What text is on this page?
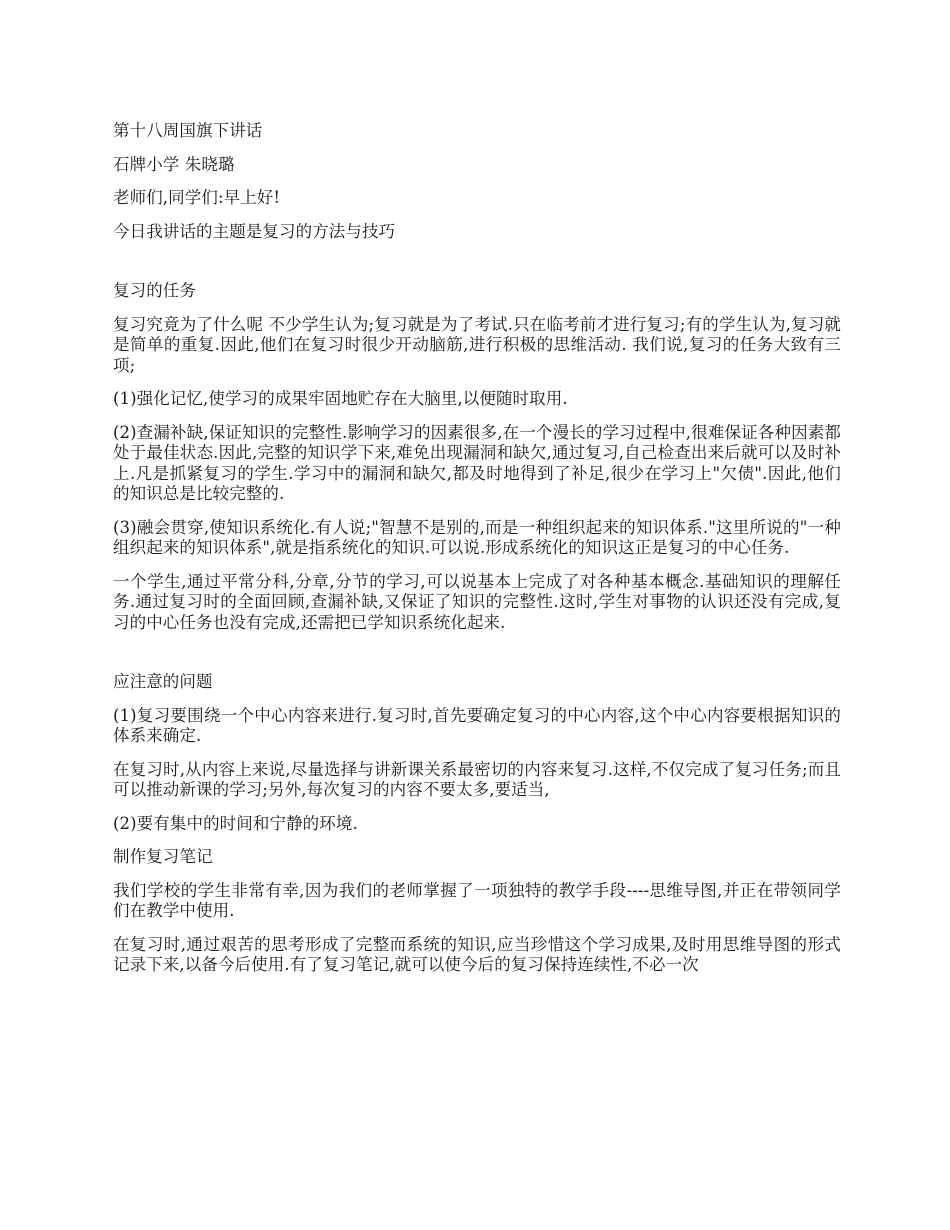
第十八周国旗下讲话

石牌小学 朱晓璐

老师们,同学们:早上好!

今日我讲话的主题是复习的方法与技巧

复习的任务

复习究竟为了什么呢 不少学生认为;复习就是为了考试.只在临考前才进行复习;有的学生认为,复习就是简单的重复.因此,他们在复习时很少开动脑筋,进行积极的思维活动. 我们说,复习的任务大致有三项;

(1)强化记忆,使学习的成果牢固地贮存在大脑里,以便随时取用.

(2)查漏补缺,保证知识的完整性.影响学习的因素很多,在一个漫长的学习过程中,很难保证各种因素都处于最佳状态.因此,完整的知识学下来,难免出现漏洞和缺欠,通过复习,自己检查出来后就可以及时补上.凡是抓紧复习的学生.学习中的漏洞和缺欠,都及时地得到了补足,很少在学习上"欠债".因此,他们的知识总是比较完整的.

(3)融会贯穿,使知识系统化.有人说;"智慧不是别的,而是一种组织起来的知识体系."这里所说的"一种组织起来的知识体系",就是指系统化的知识.可以说.形成系统化的知识这正是复习的中心任务.

一个学生,通过平常分科,分章,分节的学习,可以说基本上完成了对各种基本概念.基础知识的理解任务.通过复习时的全面回顾,查漏补缺,又保证了知识的完整性.这时,学生对事物的认识还没有完成,复习的中心任务也没有完成,还需把已学知识系统化起来.

应注意的问题

(1)复习要围绕一个中心内容来进行.复习时,首先要确定复习的中心内容,这个中心内容要根据知识的体系来确定.

在复习时,从内容上来说,尽量选择与讲新课关系最密切的内容来复习.这样,不仅完成了复习任务;而且可以推动新课的学习;另外,每次复习的内容不要太多,要适当,

(2)要有集中的时间和宁静的环境.

制作复习笔记

我们学校的学生非常有幸,因为我们的老师掌握了一项独特的教学手段----思维导图,并正在带领同学们在教学中使用.

在复习时,通过艰苦的思考形成了完整而系统的知识,应当珍惜这个学习成果,及时用思维导图的形式记录下来,以备今后使用.有了复习笔记,就可以使今后的复习保持连续性,不必一次
